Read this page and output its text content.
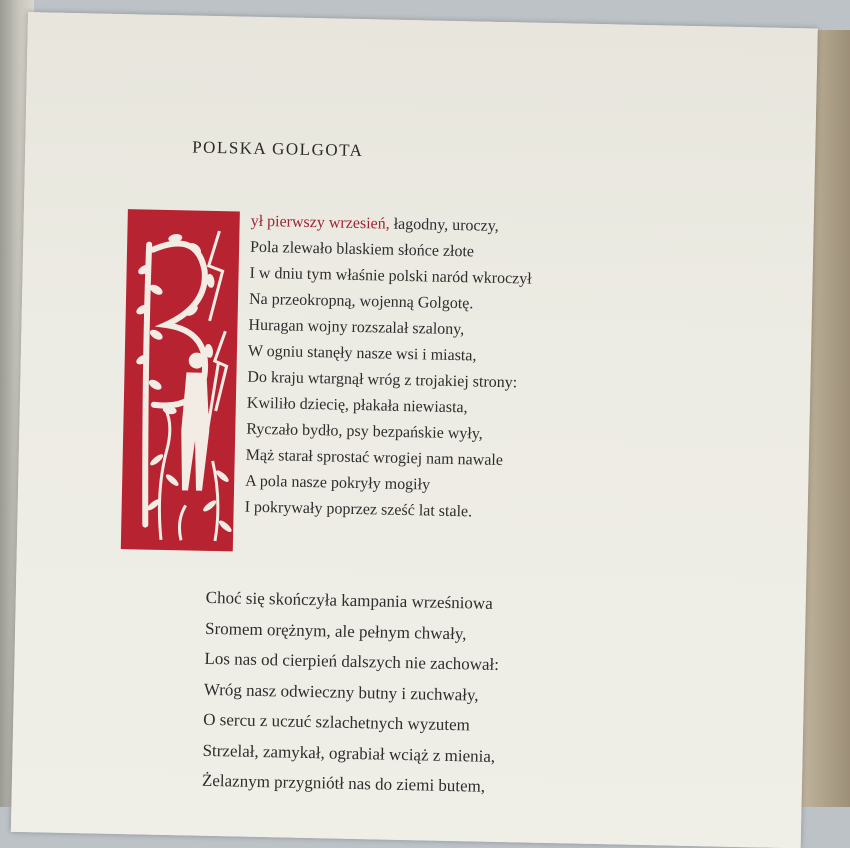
POLSKA GOLGOTA
ył pierwszy wrzesień, łagodny, uroczy,
Pola zlewało blaskiem słońce złote
I w dniu tym właśnie polski naród wkroczył
Na przeokropną, wojenną Golgotę.
Huragan wojny rozszalał szalony,
W ogniu stanęły nasze wsi i miasta,
Do kraju wtargnął wróg z trojakiej strony:
Kwiliło dziecię, płakała niewiasta,
Ryczało bydło, psy bezpańskie wyły,
Mąż starał sprostać wrogiej nam nawale
A pola nasze pokryły mogiły
I pokrywały poprzez sześć lat stale.
Choć się skończyła kampania wrześniowa
Sromem orężnym, ale pełnym chwały,
Los nas od cierpień dalszych nie zachował:
Wróg nasz odwieczny butny i zuchwały,
O sercu z uczuć szlachetnych wyzutem
Strzelał, zamykał, ograbiał wciąż z mienia,
Żelaznym przygniótł nas do ziemi butem,
